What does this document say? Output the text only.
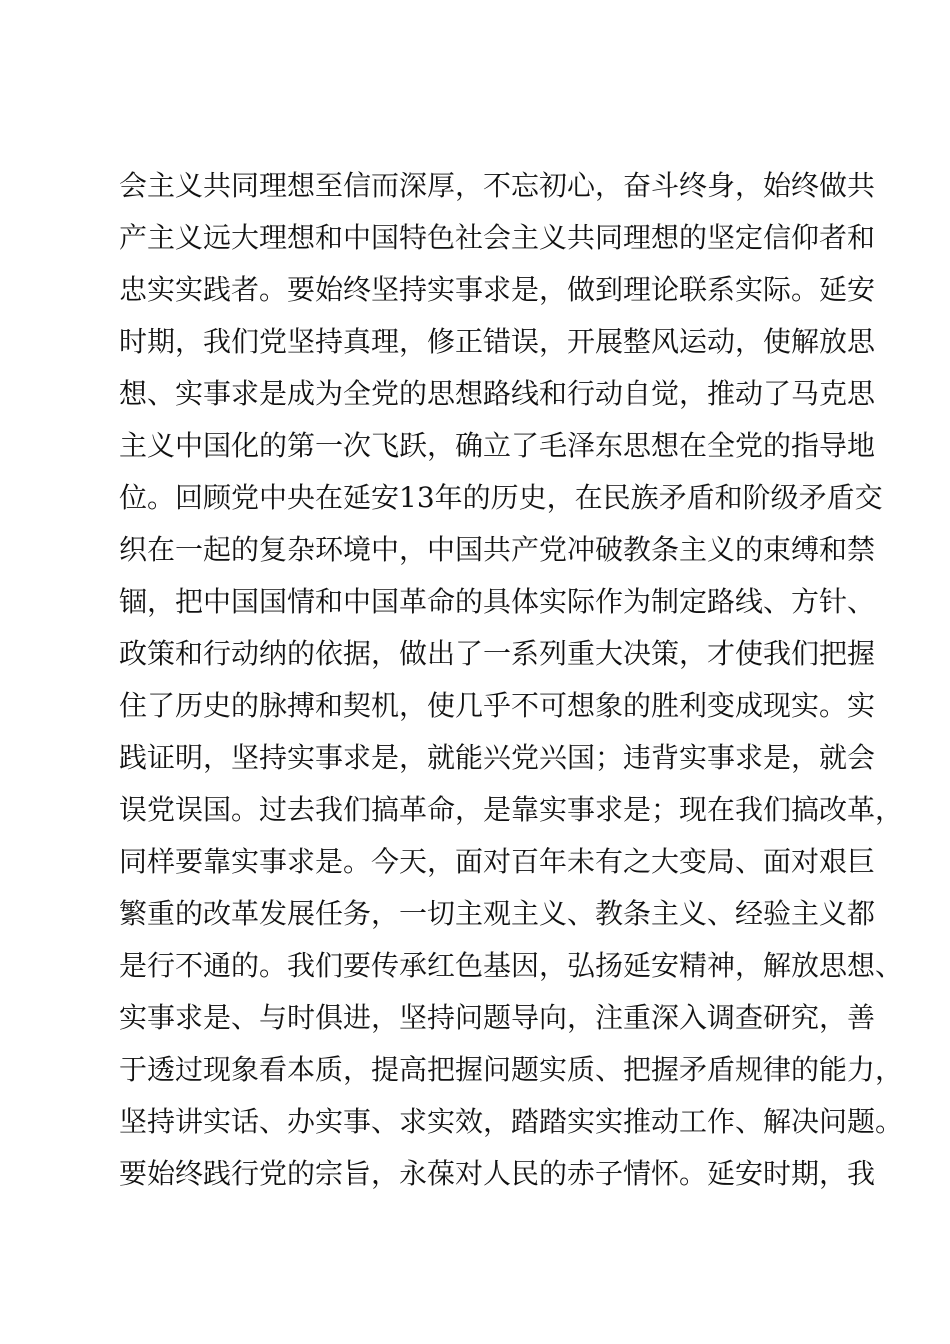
会主义共同理想至信而深厚，不忘初心，奋斗终身，始终做共
产主义远大理想和中国特色社会主义共同理想的坚定信仰者和
忠实实践者。要始终坚持实事求是，做到理论联系实际。延安
时期，我们党坚持真理，修正错误，开展整风运动，使解放思
想、实事求是成为全党的思想路线和行动自觉，推动了马克思
主义中国化的第一次飞跃，确立了毛泽东思想在全党的指导地
位。回顾党中央在延安13年的历史，在民族矛盾和阶级矛盾交
织在一起的复杂环境中，中国共产党冲破教条主义的束缚和禁
锢，把中国国情和中国革命的具体实际作为制定路线、方针、
政策和行动纳的依据，做出了一系列重大决策，才使我们把握
住了历史的脉搏和契机，使几乎不可想象的胜利变成现实。实
践证明，坚持实事求是，就能兴党兴国；违背实事求是，就会
误党误国。过去我们搞革命，是靠实事求是；现在我们搞改革，
同样要靠实事求是。今天，面对百年未有之大变局、面对艰巨
繁重的改革发展任务，一切主观主义、教条主义、经验主义都
是行不通的。我们要传承红色基因，弘扬延安精神，解放思想、
实事求是、与时俱进，坚持问题导向，注重深入调查研究，善
于透过现象看本质，提高把握问题实质、把握矛盾规律的能力，
坚持讲实话、办实事、求实效，踏踏实实推动工作、解决问题。
要始终践行党的宗旨，永葆对人民的赤子情怀。延安时期，我
